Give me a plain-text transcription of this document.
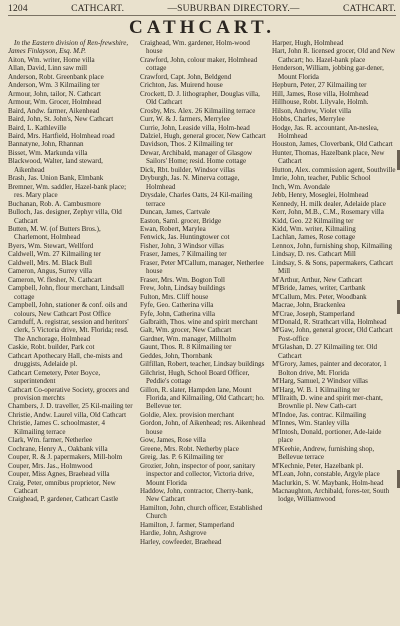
1204	CATHCART.	—SUBURBAN DIRECTORY.—	CATHCART.
CATHCART.

In the Eastern division of Ren-frewshire, James Finlayson, Esq. M.P.

Aiton, Wm. writer, Home villa

Allan, David, Linn saw mill

Anderson, Robt. Greenbank place

Anderson, Wm. 3 Kilmailing ter

Armour, John, tailor, N. Cathcart

Armour, Wm. Grocer, Holmhead

Baird, Andw. farmer, Aikenhead

Baird, John, St. John's, New Cathcart

Baird, L. Kathleville

Baird, Mrs. Hartfield, Holmhead road

Bannatyne, John, Rhannan

Bisset, Wm. Markunda villa

Blackwood, Walter, land steward, Aikenhead

Brash, Jas. Union Bank, Elmbank

Bremner, Wm. saddler, Hazel-bank place; res. Mary place

Buchanan, Rob. A. Cambusmore

Bulloch, Jas. designer, Zephyr villa, Old Cathcart

Butten, M. W. (of Butters Bros.), Charlemont, Holmhead

Byers, Wm. Stewart, Wellford

Caldwell, Wm. 27 Kilmailing ter

Caldwell, Mrs. M. Black Bull

Cameron, Angus, Surrey villa

Cameron, W. flesher, N. Cathcart

Campbell, John, flour merchant, Lindsall cottage

Campbell, John, stationer & conf. oils and colours, New Cathcart Post Office

Carnduff, A. registrar, session and heritors' clerk, 5 Victoria drive, Mt. Florida; resd. The Anchorage, Holmhead

Caskie, Robt. builder, Park cot

Cathcart Apothecary Hall, che-mists and druggists, Adelaide pl.

Cathcart Cemetery, Peter Boyce, superintendent

Cathcart Co-operative Society, grocers and provision merchts

Chambers, J. D. traveller, 25 Kil-mailing ter

Christie, Andw. Laurel villa, Old Cathcart

Christie, James C. schoolmaster, 4 Kilmailing terrace

Clark, Wm. farmer, Netherlee

Cochrane, Henry A., Oakbank villa

Couper, R. & J. papermakers, Mill-holm

Couper, Mrs. Jas., Holmwood

Couper, Miss Agnes, Braehead villa

Craig, Peter, omnibus proprietor, New Cathcart

Craighead, P. gardener, Cathcart Castle

Craighead, Wm. gardener, Holm-wood house

Crawford, John, colour maker, Holmhead cottage

Crawford, Capt. John, Beldgend

Crichton, Jas. Muirend house

Crockett, D. J. lithographer, Douglas villa, Old Cathcart

Crosby, Mrs. Alex. 26 Kilmailing terrace

Curr, W. & J. farmers, Merrylee

Currie, John, Leaside villa, Holm-head

Dalziel, Hugh, general grocer, New Cathcart

Davidson, Thos. 2 Kilmailing ter

Dewar, Archibald, manager of Glasgow Sailors' Home; resid. Home cottage

Dick, Rbt. builder, Windsor villas

Dryburgh, Jas. N. Minerva cottage, Holmhead

Drysdale, Charles Oatts, 24 Kil-mailing terrace

Duncan, James, Cartvale

Easton, Saml. grocer, Bridge

Ewan, Robert, Marylea

Fenwick, Jas. Huntingtower cot

Fisher, John, 3 Windsor villas

Fraser, James, 7 Kilmailing ter

Fraser, Peter M'Callum, manager, Netherlee house

Fraser, Mrs. Wm. Bogton Toll

Frew, John, Lindsay buildings

Fulton, Mrs. Cliff house

Fyfe, Geo. Catherina villa

Fyfe, John, Catherina villa

Galbraith, Thos. wine and spirit merchant

Galt, Wm. grocer, New Cathcart

Gardner, Wm. manager, Millholm

Gaunt, Thos. R. 8 Kilmailing ter

Geddes, John, Thornbank

Gilfillan, Robert, teacher, Lindsay buildings

Gilchrist, Hugh, School Board Officer, Peddie's cottage

Gillon, R. slater, Hampden lane, Mount Florida, and Kilmailing, Old Cathcart; ho. Bellevue ter.

Goldie, Alex. provision merchant

Gordon, John, of Aikenhead; res. Aikenhead house

Gow, James, Rose villa

Greene, Mrs. Robt. Netherby place

Greig, Jas. P. 6 Kilmailing ter

Grozier, John, inspector of poor, sanitary inspector and collector, Victoria drive, Mount Florida

Haddow, John, contractor, Cherry-bank, New Cathcart

Hamilton, John, church officer, Established Church

Hamilton, J. farmer, Stamperland

Hardie, John, Ashgrove

Harley, cowfeeder, Braehead

Harper, Hugh, Holmhead

Hart, John R. licensed grocer, Old and New Cathcart; ho. Hazel-bank place

Henderson, William, jobbing gar-dener, Mount Florida

Hepburn, Peter, 27 Kilmailing ter

Hill, James, Rose villa, Holmhead

Hillhouse, Robt. Lilyvale, Holmh.

Hilson, Andrew, Violet villa

Hobbs, Charles, Merrylee

Hodge, Jas. R. accountant, An-nesleа, Holmhead

Houston, James, Cloverbank, Old Cathcart

Hunter, Thomas, Hazelbank place, New Cathcart

Hutton, Alex. commission agent, Southville

Imrie, John, teacher, Public School

Inch, Wm. Avondale

Jebb, Henry, Moseglei, Holmhead

Kennedy, H. milk dealer, Adelaide place

Kerr, John, M.B., C.M., Rosemary villa

Kidd, Geo. 22 Kilmailing ter

Kidd, Wm. writer, Kilmailing

Lachlan, James, Rose cottage

Lennox, John, furnishing shop, Kilmailing

Lindsay, D. res. Cathcart Mill

Lindsay, S. & Sons, papermakers, Cathcart Mill

M'Arthur, Arthur, New Cathcart

M'Bride, James, writer, Cartbank

M'Callum, Mrs. Peter, Woodbank

Macrae, John, Brackenlea

M'Crae, Joseph, Stamperland

M'Donald, R. Strathcart villa, Holmhead

M'Gaw, John, general grocer, Old Cathcart Post-office

M'Glashan, D. 27 Kilmailing ter. Old Cathcart

M'Grory, James, painter and decorator, 1 Bolton drive, Mt. Florida

M'Harg, Samuel, 2 Windsor villas

M'Harg, W. B. 1 Kilmailing ter

M'Ilraith, D. wine and spirit mer-chant, Brownlie pl. New Cath-cart

M'Indoe, Jas. contrac. Kilmailing

M'Innes, Wm. Stanley villa

M'Intosh, Donald, portioner, Ade-laide place

M'Keehie, Andrew, furnishing shop, Bellevue terrace

M'Kechnie, Peter, Hazelbank pl.

M'Lean, John, constable, Argyle place

Maclurkin, S. W. Maybank, Holm-head

Macnaughton, Archibald, fores-ter, South lodge, Williamwood
